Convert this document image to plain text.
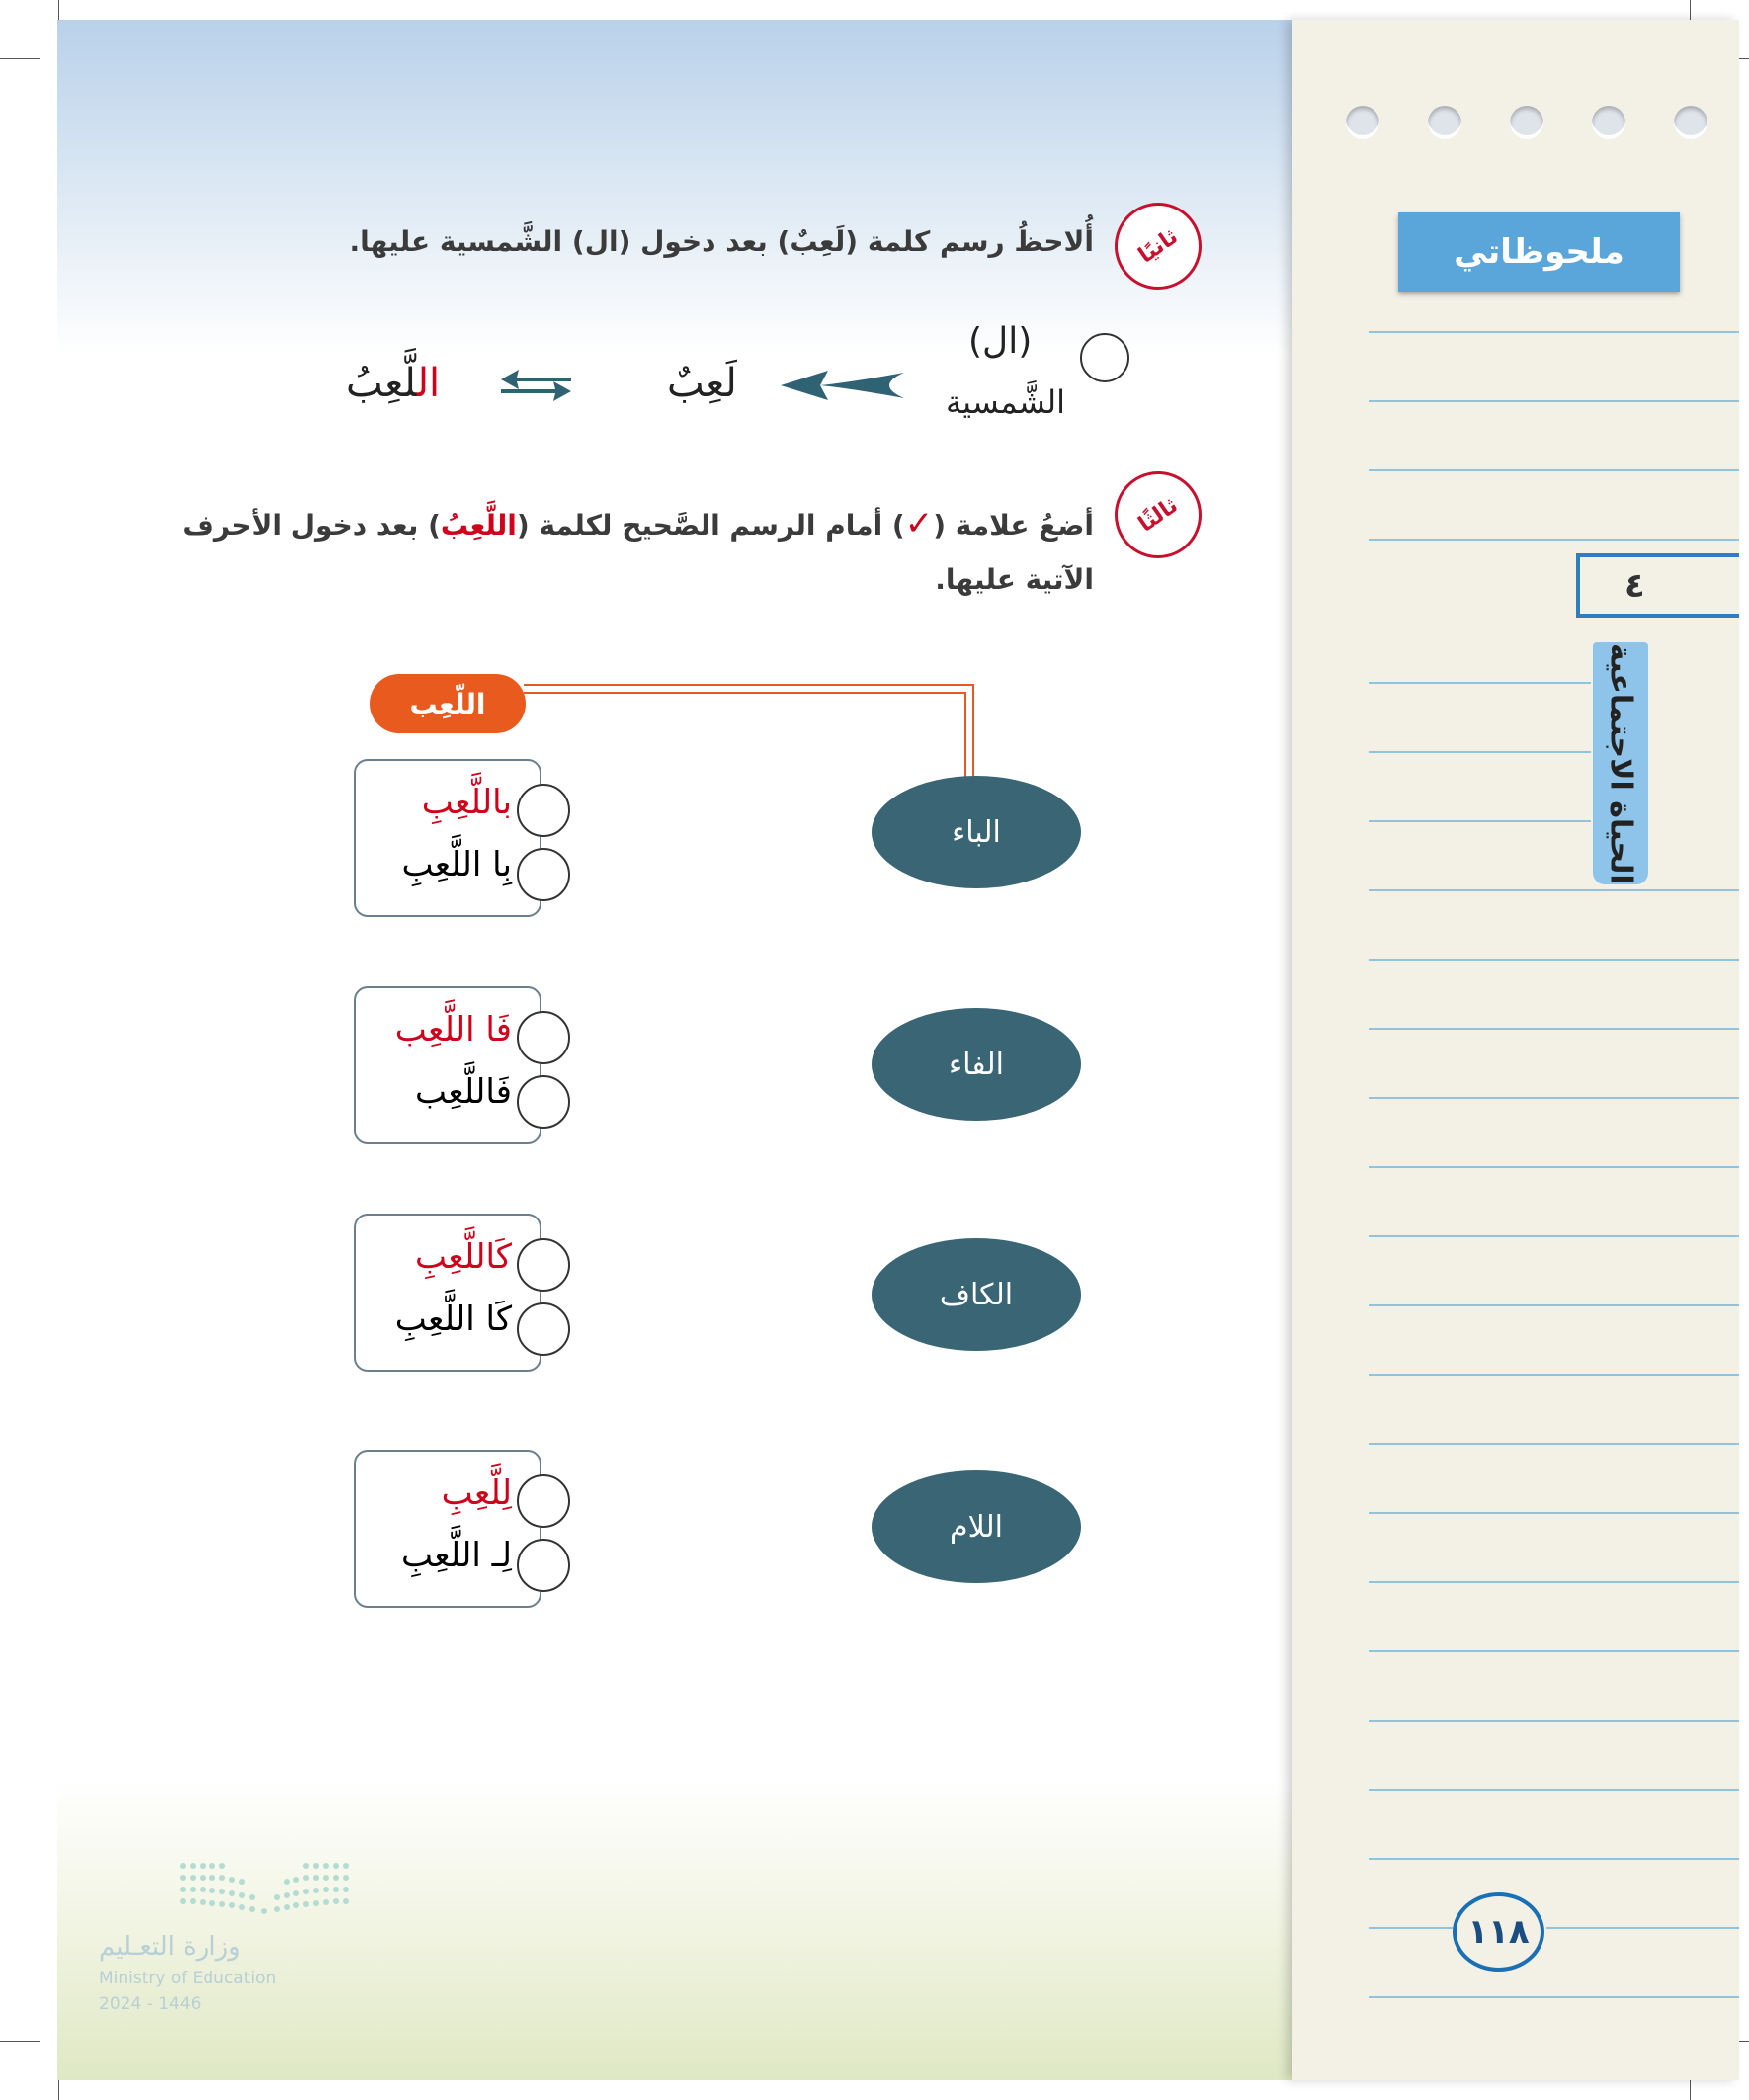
ملحوظاتي
٤
الحياة الاجتماعية
١١٨
ثانيًا
أُلاحظُ رسم كلمة (لَعِبٌ) بعد دخول (ال) الشَّمسية عليها.
(ال)
الشَّمسية
لَعِبٌ
اللَّعِبُ
ثالثًا
أضعُ علامة (✓) أمام الرسم الصَّحيح لكلمة (اللَّعِبُ) بعد دخول الأحرف
الآتية عليها.
اللّعِب
الباء
باللَّعِبِ
بِا اللَّعِبِ
الفاء
فَا اللَّعِب
فَاللَّعِب
الكاف
كَاللَّعِبِ
كَا اللَّعِبِ
اللام
لِلَّعِبِ
لِـ اللَّعِبِ
وزارة التعـليم
Ministry of Education
2024 - 1446
